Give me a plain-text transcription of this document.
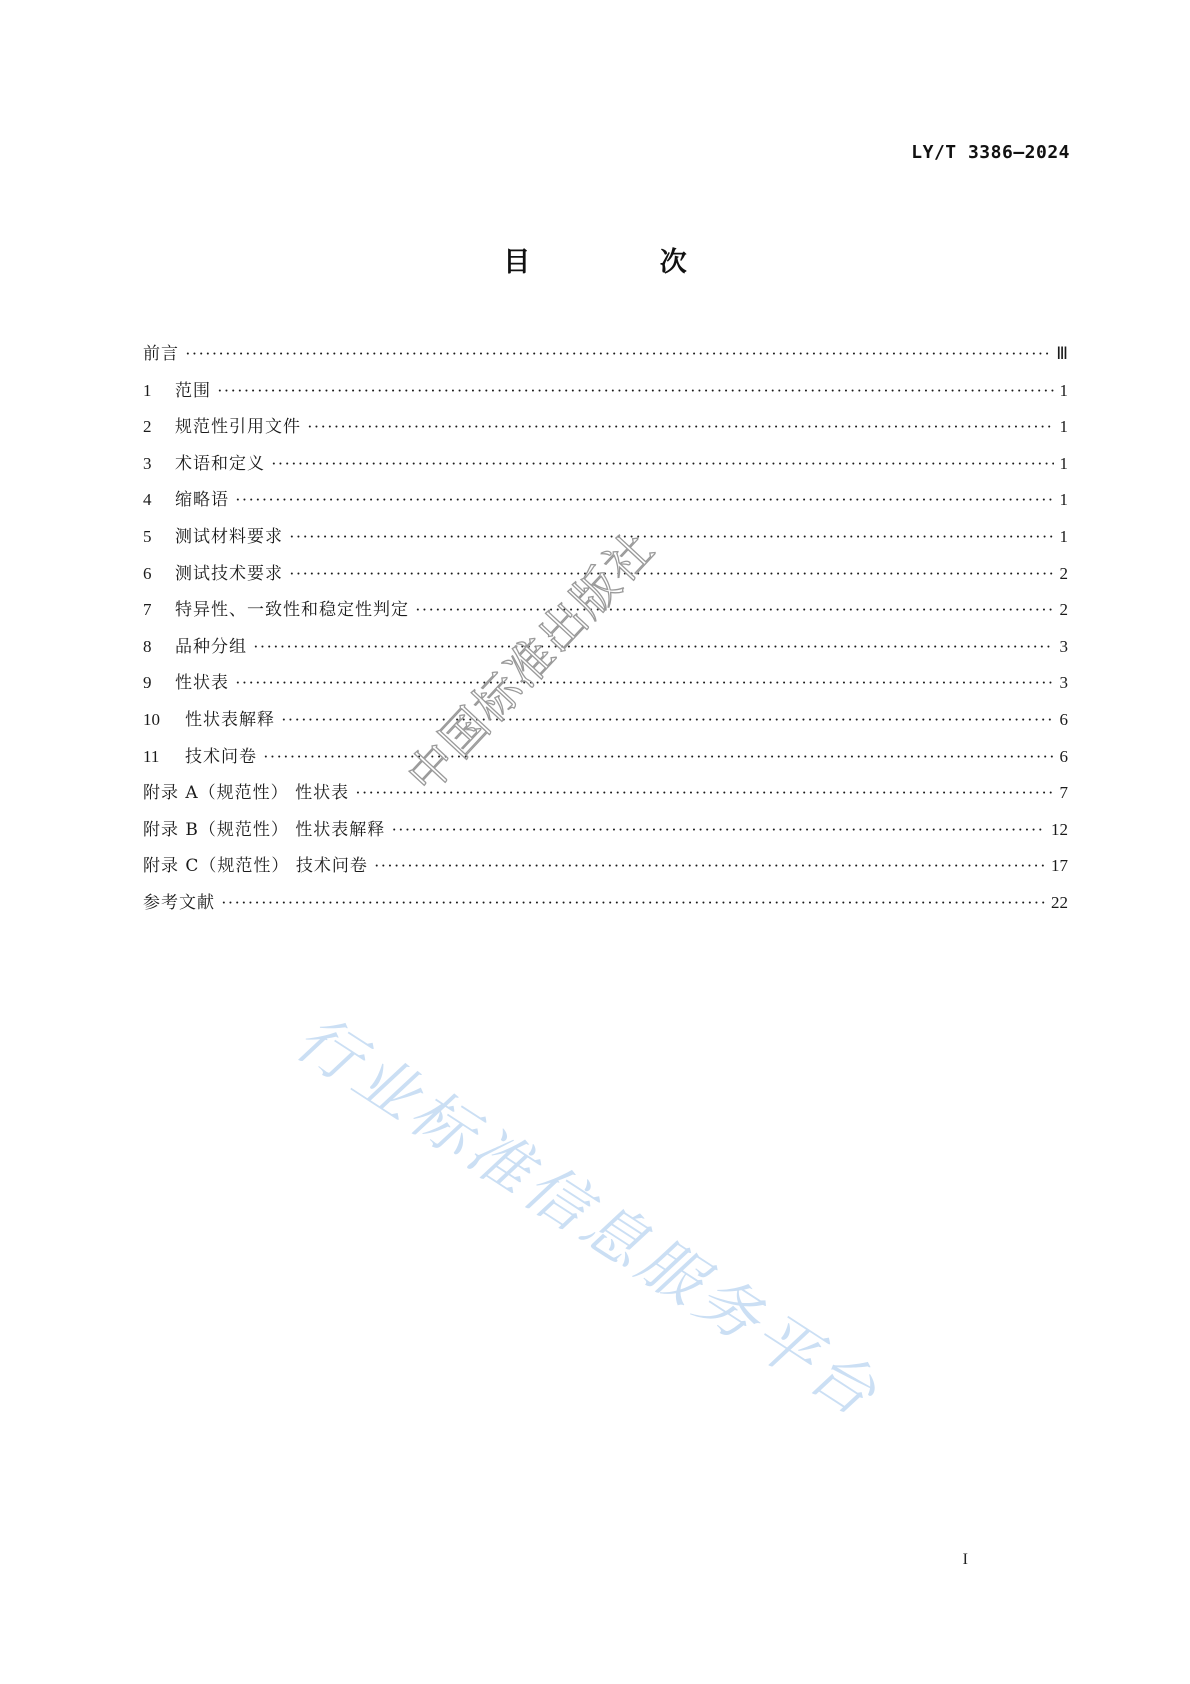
LY/T 3386—2024
目 次
前言 ·····	Ⅲ
1 范围 ·····	1
2 规范性引用文件 ·····	1
3 术语和定义 ·····	1
4 缩略语 ·····	1
5 测试材料要求 ·····	1
6 测试技术要求 ·····	2
7 特异性、一致性和稳定性判定 ·····	2
8 品种分组 ·····	3
9 性状表 ·····	3
10 性状表解释 ·····	6
11 技术问卷 ·····	6
附录 A（规范性） 性状表 ·····	7
附录 B（规范性） 性状表解释 ·····	12
附录 C（规范性） 技术问卷 ·····	17
参考文献 ·····	22
I
中国标准出版社
行业标准信息服务平台
